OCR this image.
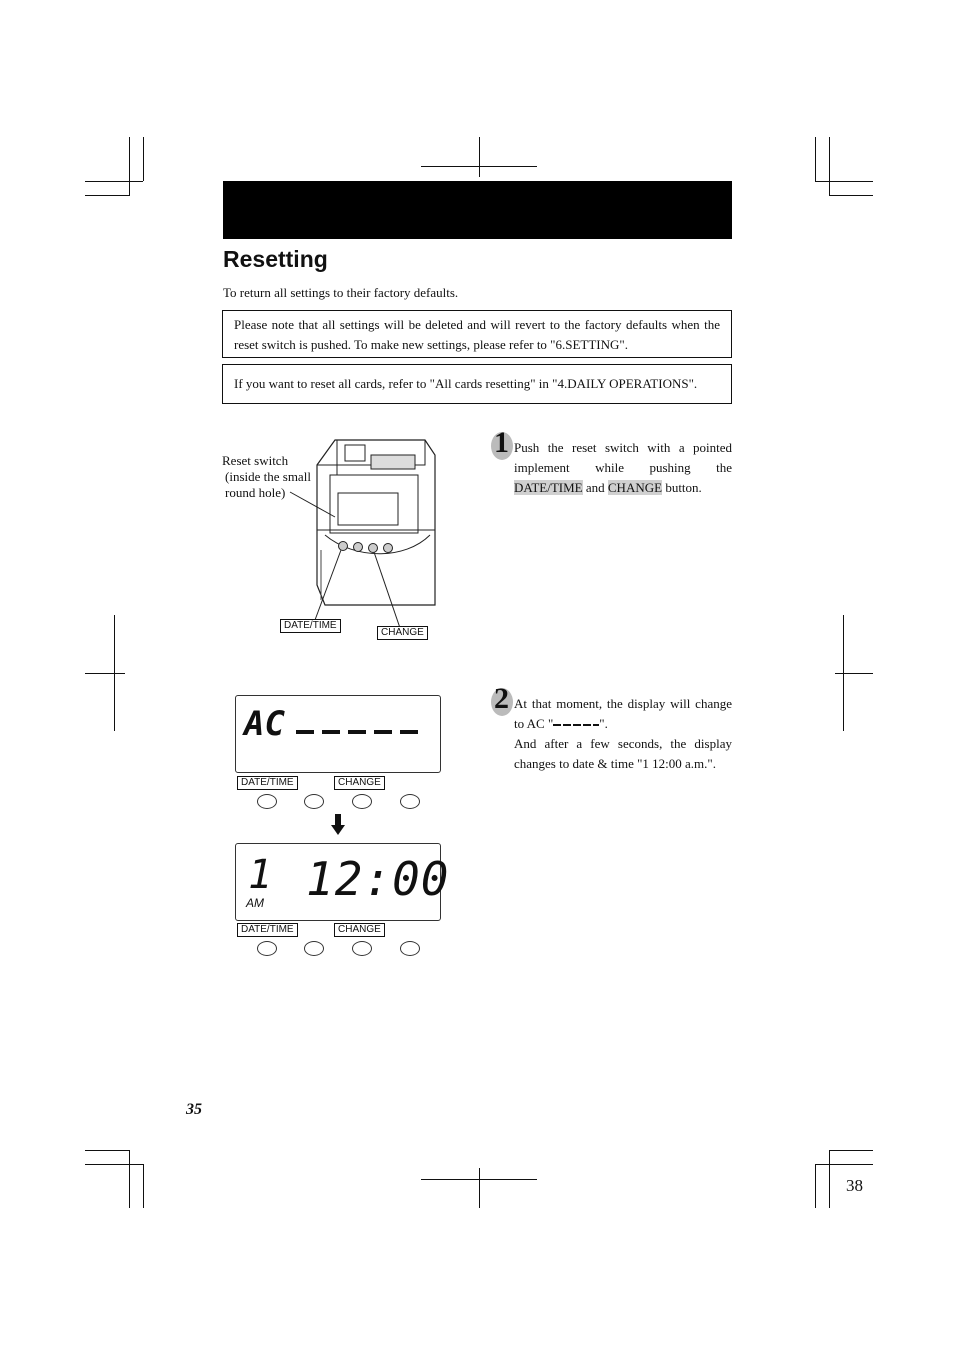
Resetting
To return all settings to their factory defaults.
Please note that all settings will be deleted and will revert to the factory defaults when the reset switch is pushed. To make new settings, please refer to "6.SETTING".
If you want to reset all cards, refer to "All cards resetting" in "4.DAILY OPERATIONS".
Reset switch
(inside the small
round hole)
DATE/TIME
CHANGE
1 Push the reset switch with a pointed implement while pushing the DATE/TIME and CHANGE button.
2 At that moment, the display will change to AC "	".
And after a few seconds, the display changes to date & time "1 12:00 a.m.".
AC
DATE/TIME	CHANGE
1 12:00
AM
DATE/TIME	CHANGE
35
38
